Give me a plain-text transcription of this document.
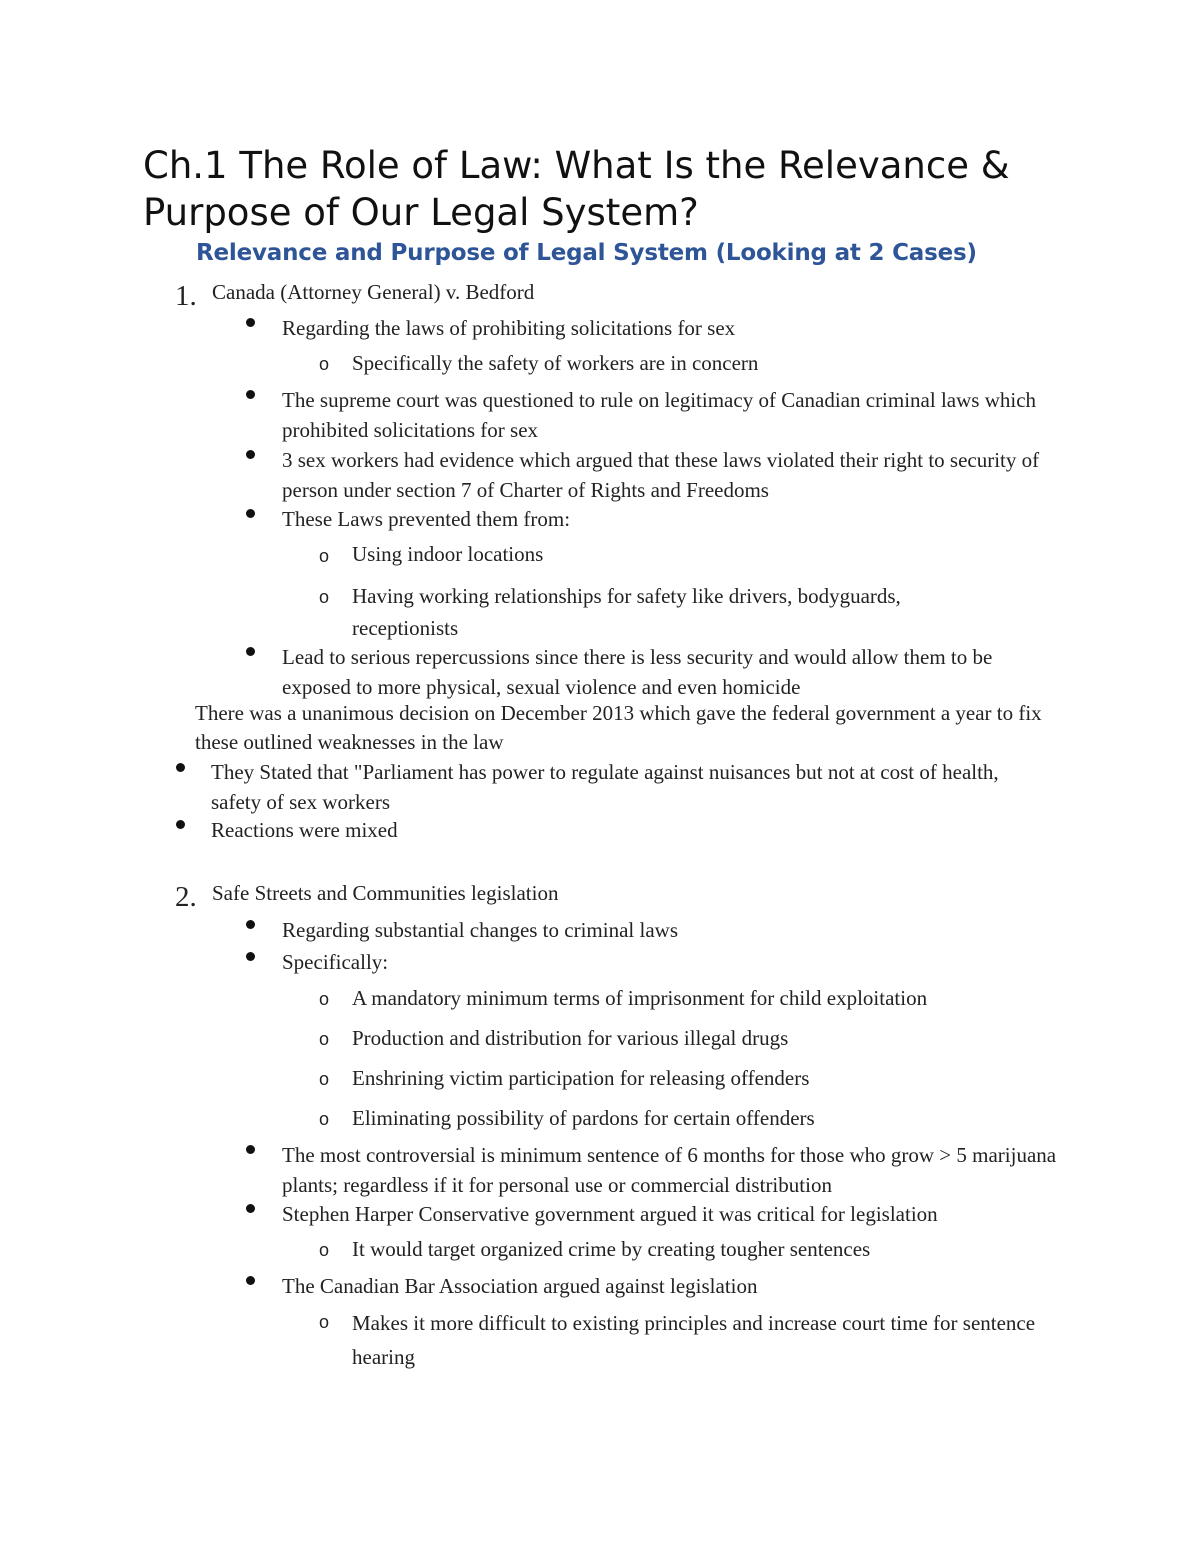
Ch.1 The Role of Law: What Is the Relevance & Purpose of Our Legal System?
Relevance and Purpose of Legal System (Looking at 2 Cases)
1. Canada (Attorney General) v. Bedford

Regarding the laws of prohibiting solicitations for sex

o Specifically the safety of workers are in concern

The supreme court was questioned to rule on legitimacy of Canadian criminal laws which prohibited solicitations for sex

3 sex workers had evidence which argued that these laws violated their right to security of person under section 7 of Charter of Rights and Freedoms

These Laws prevented them from:

o Using indoor locations

o Having working relationships for safety like drivers, bodyguards, receptionists

Lead to serious repercussions since there is less security and would allow them to be exposed to more physical, sexual violence and even homicide

There was a unanimous decision on December 2013 which gave the federal government a year to fix these outlined weaknesses in the law

They Stated that "Parliament has power to regulate against nuisances but not at cost of health, safety of sex workers

Reactions were mixed

2. Safe Streets and Communities legislation

Regarding substantial changes to criminal laws

Specifically:

o A mandatory minimum terms of imprisonment for child exploitation

o Production and distribution for various illegal drugs

o Enshrining victim participation for releasing offenders

o Eliminating possibility of pardons for certain offenders

The most controversial is minimum sentence of 6 months for those who grow > 5 marijuana plants; regardless if it for personal use or commercial distribution

Stephen Harper Conservative government argued it was critical for legislation

o It would target organized crime by creating tougher sentences

The Canadian Bar Association argued against legislation

o Makes it more difficult to existing principles and increase court time for sentence hearing
